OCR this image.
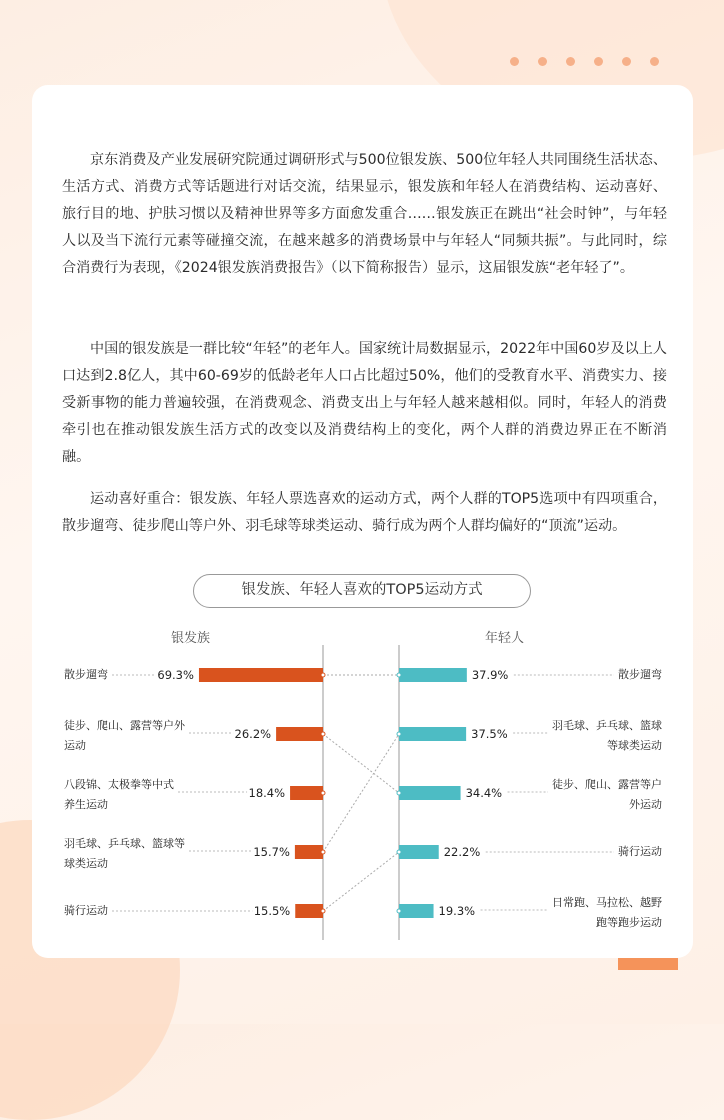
京东消费及产业发展研究院通过调研形式与500位银发族、500位年轻人共同围绕生活状态、生活方式、消费方式等话题进行对话交流，结果显示，银发族和年轻人在消费结构、运动喜好、旅行目的地、护肤习惯以及精神世界等多方面愈发重合……银发族正在跳出“社会时钟”，与年轻人以及当下流行元素等碰撞交流，在越来越多的消费场景中与年轻人“同频共振”。与此同时，综合消费行为表现，《2024银发族消费报告》（以下简称报告）显示，这届银发族“老年轻了”。

中国的银发族是一群比较“年轻”的老年人。国家统计局数据显示，2022年中国60岁及以上人口达到2.8亿人，其中60-69岁的低龄老年人口占比超过50%，他们的受教育水平、消费实力、接受新事物的能力普遍较强，在消费观念、消费支出上与年轻人越来越相似。同时，年轻人的消费牵引也在推动银发族生活方式的改变以及消费结构上的变化，两个人群的消费边界正在不断消融。

运动喜好重合：银发族、年轻人票选喜欢的运动方式，两个人群的TOP5选项中有四项重合，散步遛弯、徒步爬山等户外、羽毛球等球类运动、骑行成为两个人群均偏好的“顶流”运动。

银发族、年轻人喜欢的TOP5运动方式
银发族	年轻人
69.3%
26.2%
18.4%
15.7%
15.5%
37.9%
37.5%
34.4%
22.2%
19.3%
散步遛弯
徒步、爬山、露营等户外
运动
八段锦、太极拳等中式
养生运动
羽毛球、乒乓球、篮球等
球类运动
骑行运动
散步遛弯
羽毛球、乒乓球、篮球
等球类运动
徒步、爬山、露营等户
外运动
骑行运动
日常跑、马拉松、越野
跑等跑步运动
